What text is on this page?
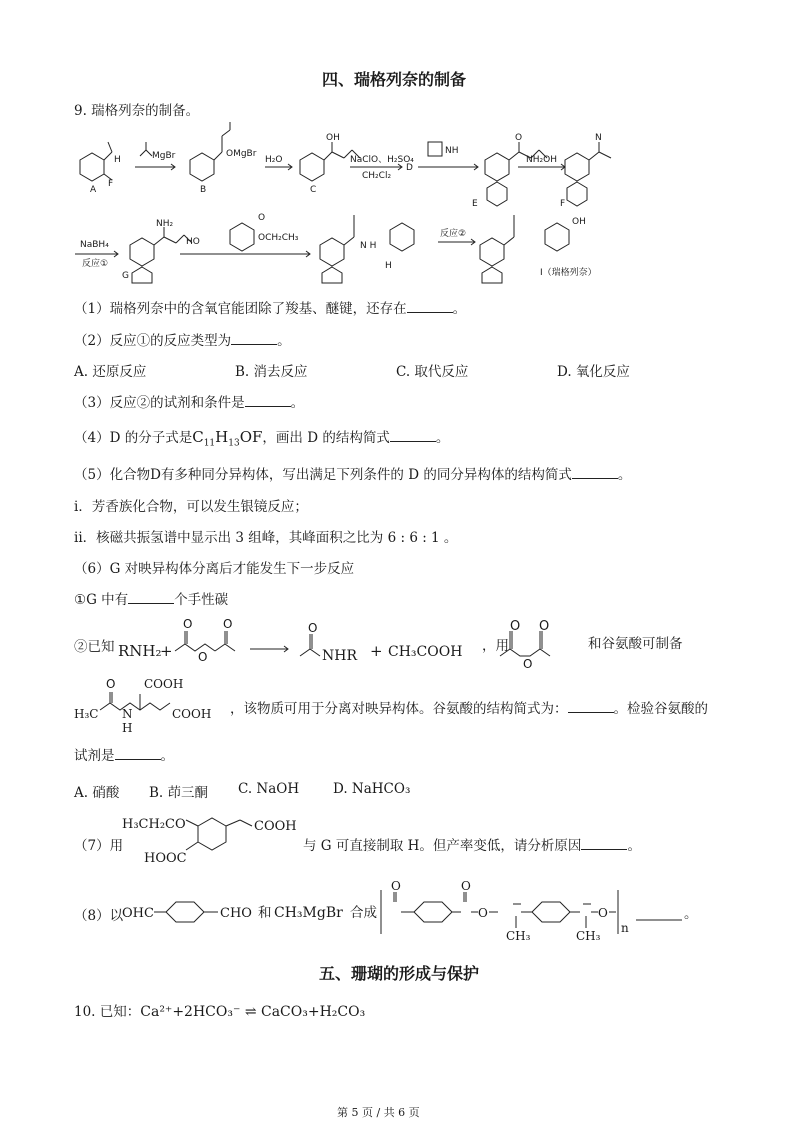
四、瑞格列奈的制备
9. 瑞格列奈的制备。
A
H
F
MgBr
B
OMgBr
H₂O
C
OH
NaClO、H₂SO₄
CH₂Cl₂
D
NH
O
E
NH₂OH
N
F
NaBH₄
反应①
NH₂
G
HO	OCH₂CH₃
O
N H
H
反应②
OH
I（瑞格列奈）
（1）瑞格列奈中的含氧官能团除了羧基、醚键，还存在	。
（2）反应①的反应类型为	。
A. 还原反应	B. 消去反应	C. 取代反应	D. 氧化反应
（3）反应②的试剂和条件是	。
（4）D 的分子式是$C_{11}H_{13}OF$，画出 D 的结构简式	。
（5）化合物D有多种同分异构体，写出满足下列条件的 D 的同分异构体的结构简式	。
i．芳香族化合物，可以发生银镜反应；
ii．核磁共振氢谱中显示出 3 组峰，其峰面积之比为 6 : 6 : 1 。
（6）G 对映异构体分离后才能发生下一步反应
①G 中有	个手性碳
②已知 RNH₂
+
O	O
O
O
NHR + CH₃COOH ，用
O O
O
和谷氨酸可制备
O COOH
H₃C N
H
COOH ，该物质可用于分离对映异构体。谷氨酸的结构简式为：	。检验谷氨酸的
试剂是	。
A. 硝酸 B. 茚三酮 C. NaOH	D. NaHCO₃
（7）用
H₃CH₂CO	COOH
HOOC
与 G 可直接制取 H。但产率变低，请分析原因	。
（8）以
OHC	CHO 和 CH₃MgBr 合成
O	O
O	O
CH₃	CH₃
n
。
五、珊瑚的形成与保护
10. 已知：Ca²⁺+2HCO₃⁻ ⇌ CaCO₃+H₂CO₃
第 5 页 / 共 6 页
